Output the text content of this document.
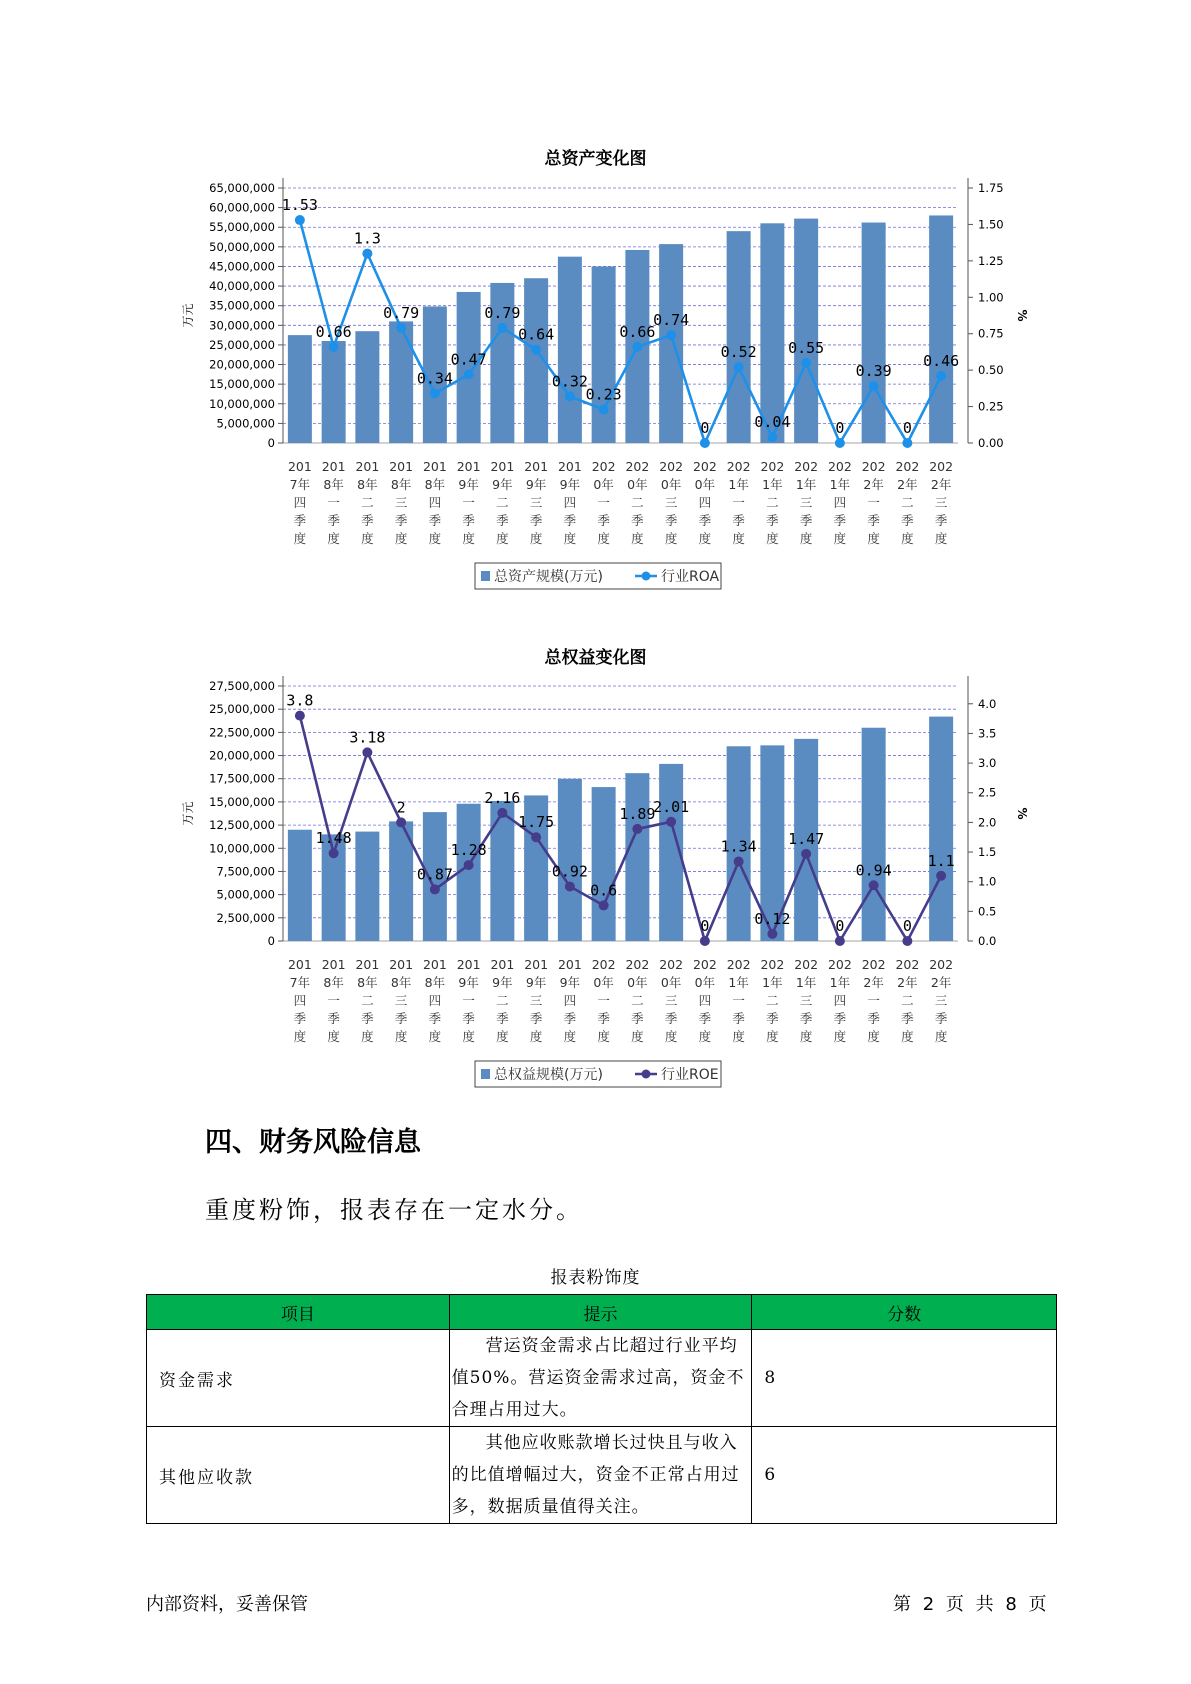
总资产变化图
0
5,000,000
10,000,000
15,000,000
20,000,000
25,000,000
30,000,000
35,000,000
40,000,000
45,000,000
50,000,000
55,000,000
60,000,000
65,000,000
0.00
0.25
0.50
0.75
1.00
1.25
1.50
1.75
万元	%
1.53
0.66
1.3
0.79
0.34
0.47
0.79
0.64
0.32
0.23
0.66
0.74
0
0.52
0.04
0.55
0
0.39
0
0.46
201 7年四季度
201 8年一季度
201 8年二季度
201 8年三季度
201 8年四季度
201 9年一季度
201 9年二季度
201 9年三季度
201 9年四季度
202 0年一季度
202 0年二季度
202 0年三季度
202 0年四季度
202 1年一季度
202 1年二季度
202 1年三季度
202 1年四季度
202 2年一季度
202 2年二季度
202 2年三季度
总资产规模(万元)	行业ROA
总权益变化图
0
2,500,000
5,000,000
7,500,000
10,000,000
12,500,000
15,000,000
17,500,000
20,000,000
22,500,000
25,000,000
27,500,000
0.0
0.5
1.0
1.5
2.0
2.5
3.0
3.5
4.0
万元	%
3.8
1.48
3.18
2
0.87
1.28
2.16
1.75
0.92
0.6
1.89
2.01
0
1.34
0.12
1.47
0
0.94
0
1.1
201 7年四季度
201 8年一季度
201 8年二季度
201 8年三季度
201 8年四季度
201 9年一季度
201 9年二季度
201 9年三季度
201 9年四季度
202 0年一季度
202 0年二季度
202 0年三季度
202 0年四季度
202 1年一季度
202 1年二季度
202 1年三季度
202 1年四季度
202 2年一季度
202 2年二季度
202 2年三季度
总权益规模(万元)	行业ROE
四、财务风险信息
重度粉饰，报表存在一定水分。
报表粉饰度
项目	提示	分数
资金需求	营运资金需求占比超过行业平均值50%。营运资金需求过高，资金不合理占用过大。	8
其他应收款	其他应收账款增长过快且与收入的比值增幅过大，资金不正常占用过多，数据质量值得关注。	6
内部资料，妥善保管	第 2 页 共 8 页
